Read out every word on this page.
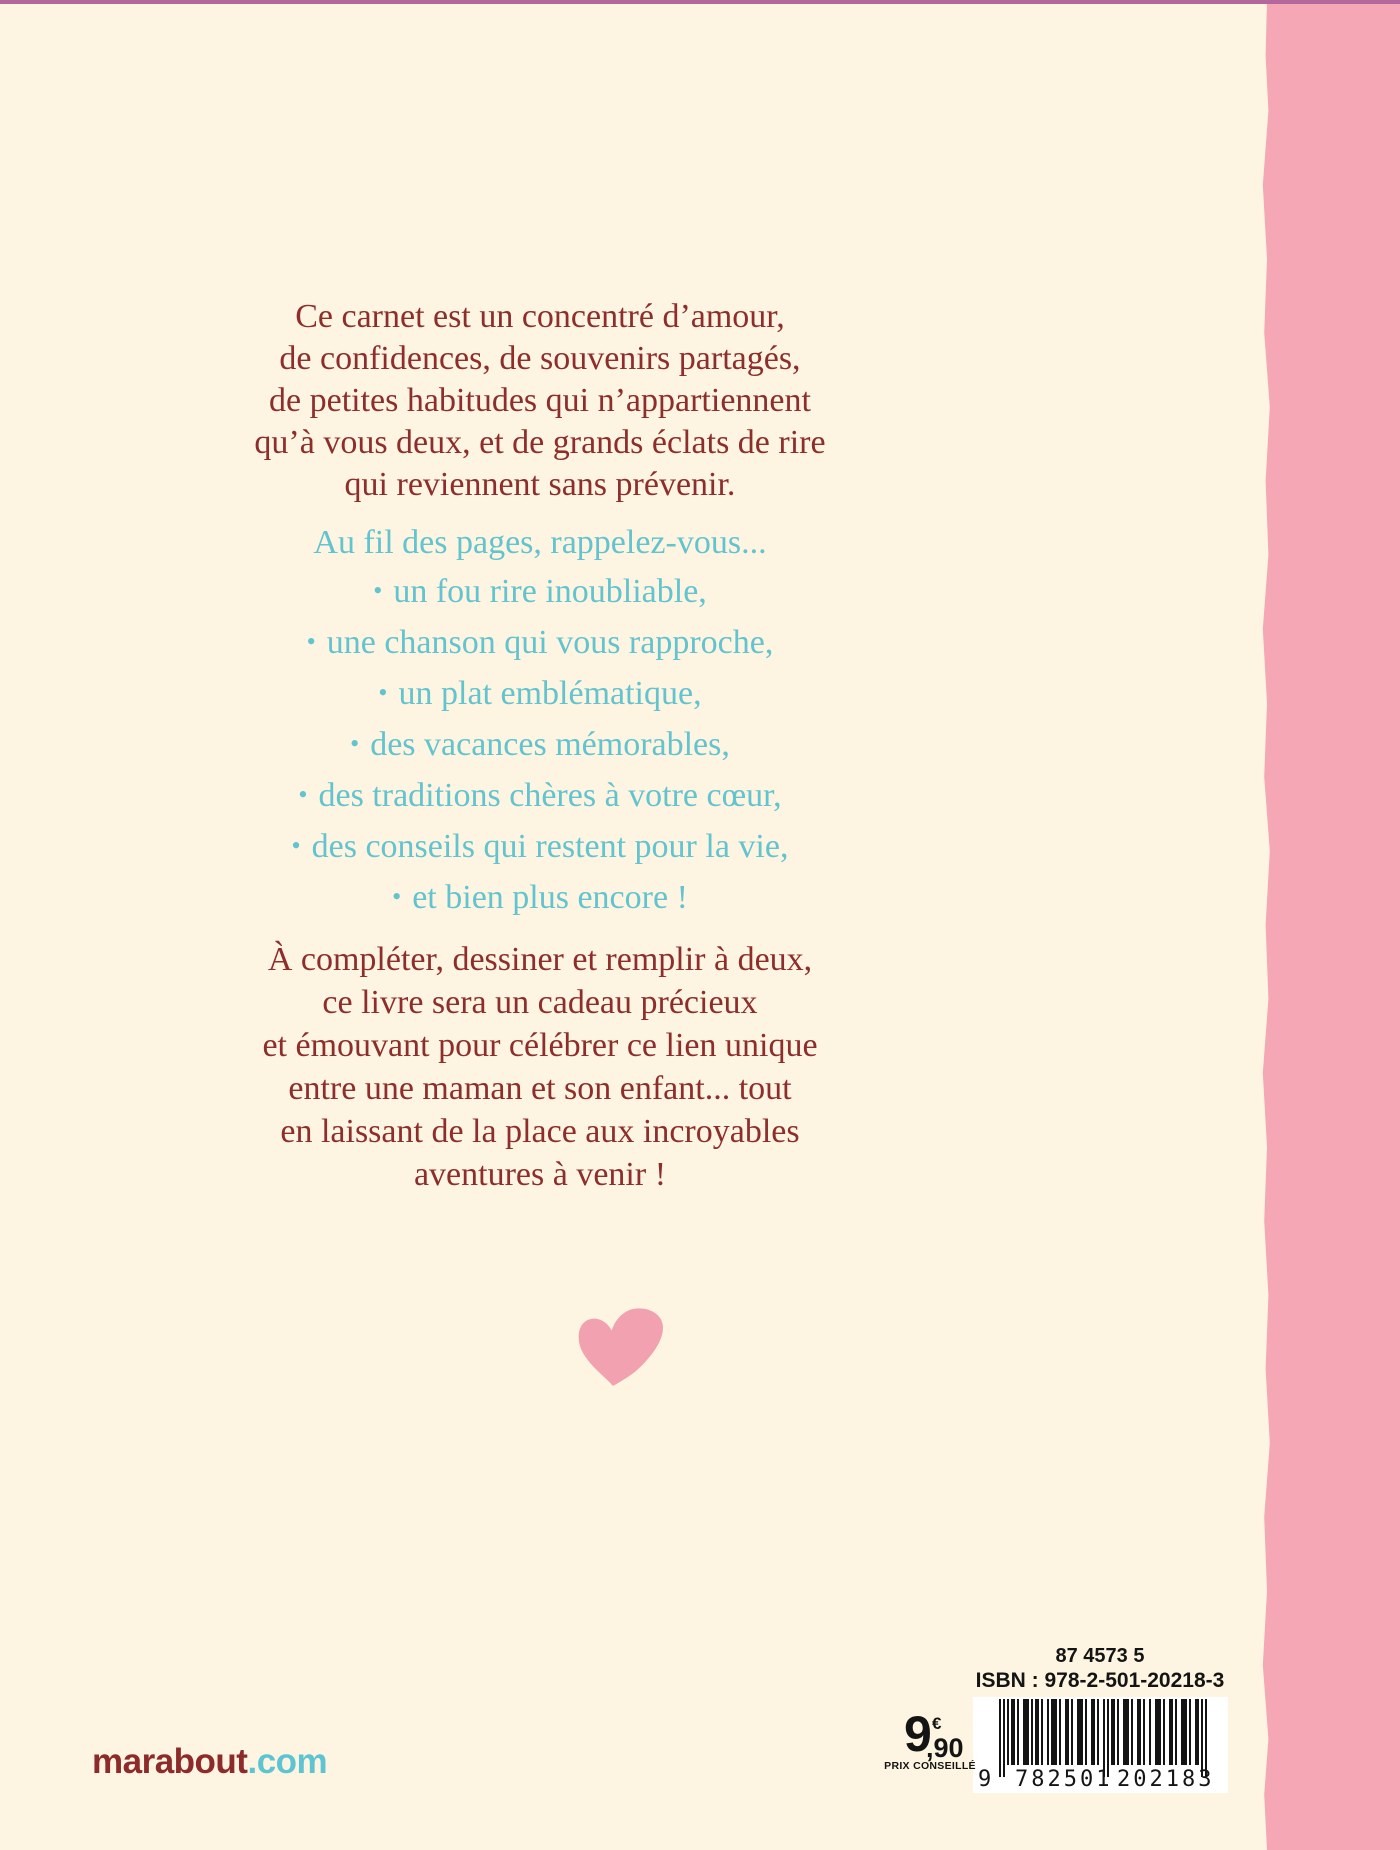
Ce carnet est un concentré d’amour,
de confidences, de souvenirs partagés,
de petites habitudes qui n’appartiennent
qu’à vous deux, et de grands éclats de rire
qui reviennent sans prévenir.
Au fil des pages, rappelez-vous...
• un fou rire inoubliable,
• une chanson qui vous rapproche,
• un plat emblématique,
• des vacances mémorables,
• des traditions chères à votre cœur,
• des conseils qui restent pour la vie,
• et bien plus encore !
À compléter, dessiner et remplir à deux,
ce livre sera un cadeau précieux
et émouvant pour célébrer ce lien unique
entre une maman et son enfant... tout
en laissant de la place aux incroyables
aventures à venir !
marabout.com
87 4573 5
ISBN : 978-2-501-20218-3
9 782501 202183
9 €
,90
PRIX CONSEILLÉ
